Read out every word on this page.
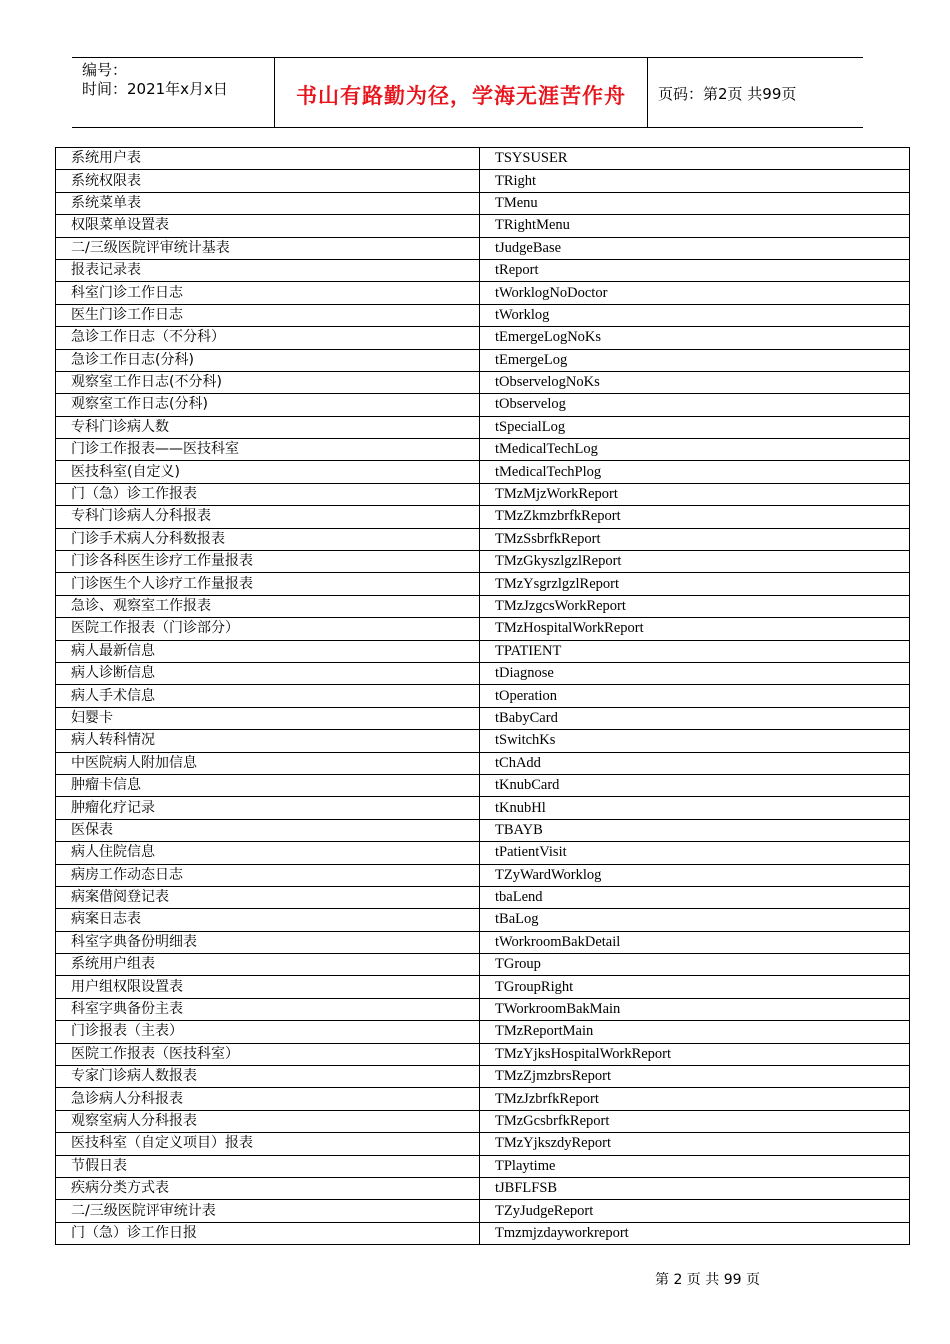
编号：
时间：2021年x月x日	书山有路勤为径，学海无涯苦作舟	页码：第2页 共99页
系统用户表	TSYSUSER
系统权限表	TRight
系统菜单表	TMenu
权限菜单设置表	TRightMenu
二/三级医院评审统计基表	tJudgeBase
报表记录表	tReport
科室门诊工作日志	tWorklogNoDoctor
医生门诊工作日志	tWorklog
急诊工作日志（不分科）	tEmergeLogNoKs
急诊工作日志(分科)	tEmergeLog
观察室工作日志(不分科)	tObservelogNoKs
观察室工作日志(分科)	tObservelog
专科门诊病人数	tSpecialLog
门诊工作报表——医技科室	tMedicalTechLog
医技科室(自定义)	tMedicalTechPlog
门（急）诊工作报表	TMzMjzWorkReport
专科门诊病人分科报表	TMzZkmzbrfkReport
门诊手术病人分科数报表	TMzSsbrfkReport
门诊各科医生诊疗工作量报表	TMzGkyszlgzlReport
门诊医生个人诊疗工作量报表	TMzYsgrzlgzlReport
急诊、观察室工作报表	TMzJzgcsWorkReport
医院工作报表（门诊部分）	TMzHospitalWorkReport
病人最新信息	TPATIENT
病人诊断信息	tDiagnose
病人手术信息	tOperation
妇婴卡	tBabyCard
病人转科情况	tSwitchKs
中医院病人附加信息	tChAdd
肿瘤卡信息	tKnubCard
肿瘤化疗记录	tKnubHl
医保表	TBAYB
病人住院信息	tPatientVisit
病房工作动态日志	TZyWardWorklog
病案借阅登记表	tbaLend
病案日志表	tBaLog
科室字典备份明细表	tWorkroomBakDetail
系统用户组表	TGroup
用户组权限设置表	TGroupRight
科室字典备份主表	TWorkroomBakMain
门诊报表（主表）	TMzReportMain
医院工作报表（医技科室）	TMzYjksHospitalWorkReport
专家门诊病人数报表	TMzZjmzbrsReport
急诊病人分科报表	TMzJzbrfkReport
观察室病人分科报表	TMzGcsbrfkReport
医技科室（自定义项目）报表	TMzYjkszdyReport
节假日表	TPlaytime
疾病分类方式表	tJBFLFSB
二/三级医院评审统计表	TZyJudgeReport
门（急）诊工作日报	Tmzmjzdayworkreport
第 2 页 共 99 页
